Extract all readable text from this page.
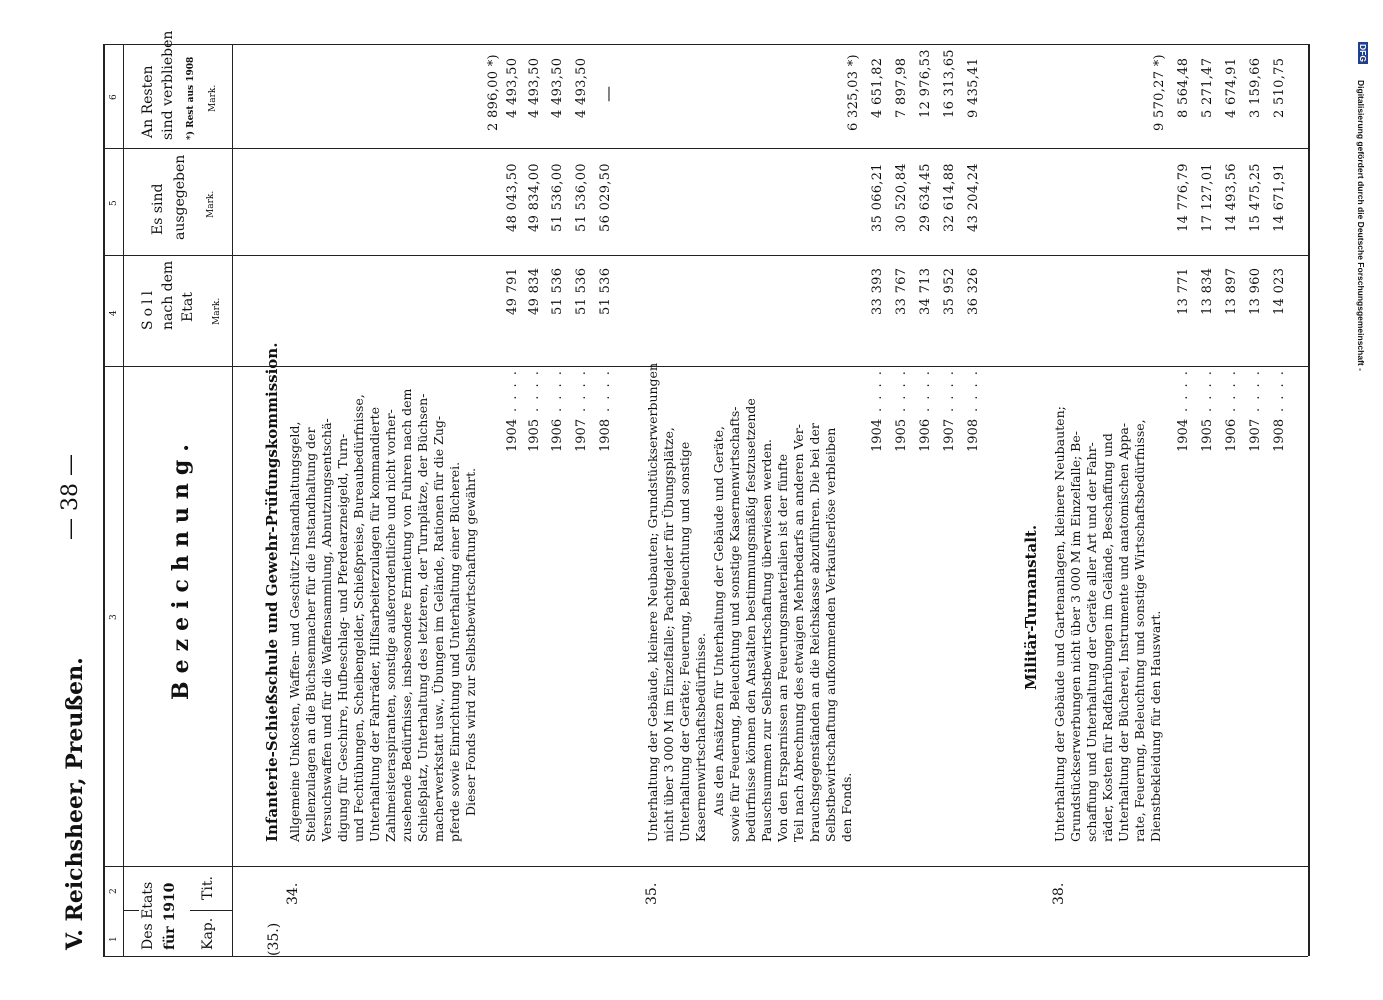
V. Reichsheer, Preußen.
— 38 —
1
2
3
4
5
6
Des Etats für 1910 Kap.
Tit.
Bezeichnung.
Soll nach dem Etat Mark.
Es sind ausgegeben Mark.
An Resten sind verblieben *) Rest aus 1908 Mark.
(35.)
34.
Infanterie-Schießschule und Gewehr-Prüfungskommission. Allgemeine Unkosten, Waffen- und Geschütz-Instandhaltungsgeld, Stellenzulagen an die Büchsenmacher für die Instandhaltung der Versuchswaffen und für die Waffensammlung, Abnutzungsentschä- digung für Geschirre, Hufbeschlag- und Pferdearzneigeld, Turn- und Fechtübungen, Scheibengelder, Schießpreise, Bureaubedürfnisse, Unterhaltung der Fahrräder, Hilfsarbeiterzulagen für kommandierte Zahlmeisteraspiranten, sonstige außerordentliche und nicht vorher- zusehende Bedürfnisse, insbesondere Ermietung von Fuhren nach dem Schießplatz, Unterhaltung des letzteren, der Turnplätze, der Büchsen- macherwerkstatt usw., Übungen im Gelände, Rationen für die Zug- pferde sowie Einrichtung und Unterhaltung einer Bücherei. Dieser Fonds wird zur Selbstbewirtschaftung gewährt.
2 896,00 *)
1904
. . . .
49 791
48 043,50
4 493,50
1905
. . . .
49 834
49 834,00
4 493,50
1906
. . . .
51 536
51 536,00
4 493,50
1907
. . . .
51 536
51 536,00
4 493,50
1908
. . . .
51 536
56 029,50
—
35.
Unterhaltung der Gebäude, kleinere Neubauten; Grundstückserwerbungen nicht über 3 000 M im Einzelfalle; Pachtgelder für Übungsplätze, Unterhaltung der Geräte; Feuerung, Beleuchtung und sonstige Kasernenwirtschaftsbedürfnisse. Aus den Ansätzen für Unterhaltung der Gebäude und Geräte, sowie für Feuerung, Beleuchtung und sonstige Kasernenwirtschafts- bedürfnisse können den Anstalten bestimmungsmäßig festzusetzende Pauschsummen zur Selbstbewirtschaftung überwiesen werden. Von den Ersparnissen an Feuerungsmaterialien ist der fünfte Teil nach Abrechnung des etwaigen Mehrbedarfs an anderen Ver- brauchsgegenständen an die Reichskasse abzuführen. Die bei der Selbstbewirtschaftung aufkommenden Verkaufserlöse verbleiben den Fonds.
6 325,03 *)
1904
. . . .
33 393
35 066,21
4 651,82
1905
. . . .
33 767
30 520,84
7 897,98
1906
. . . .
34 713
29 634,45
12 976,53
1907
. . . .
35 952
32 614,88
16 313,65
1908
. . . .
36 326
43 204,24
9 435,41
Militär-Turnanstalt.
38.
Unterhaltung der Gebäude und Gartenanlagen, kleinere Neubauten; Grundstückserwerbungen nicht über 3 000 M im Einzelfalle; Be- schaffung und Unterhaltung der Geräte aller Art und der Fahr- räder, Kosten für Radfahrübungen im Gelände, Beschaffung und Unterhaltung der Bücherei, Instrumente und anatomischen Appa- rate, Feuerung, Beleuchtung und sonstige Wirtschaftsbedürfnisse, Dienstbekleidung für den Hauswart.
9 570,27 *)
1904
. . . .
13 771
14 776,79
8 564,48
1905
. . . .
13 834
17 127,01
5 271,47
1906
. . . .
13 897
14 493,56
4 674,91
1907
. . . .
13 960
15 475,25
3 159,66
1908
. . . .
14 023
14 671,91
2 510,75
DFG
Digitalisierung gefördert durch die Deutsche Forschungsgemeinschaft -
